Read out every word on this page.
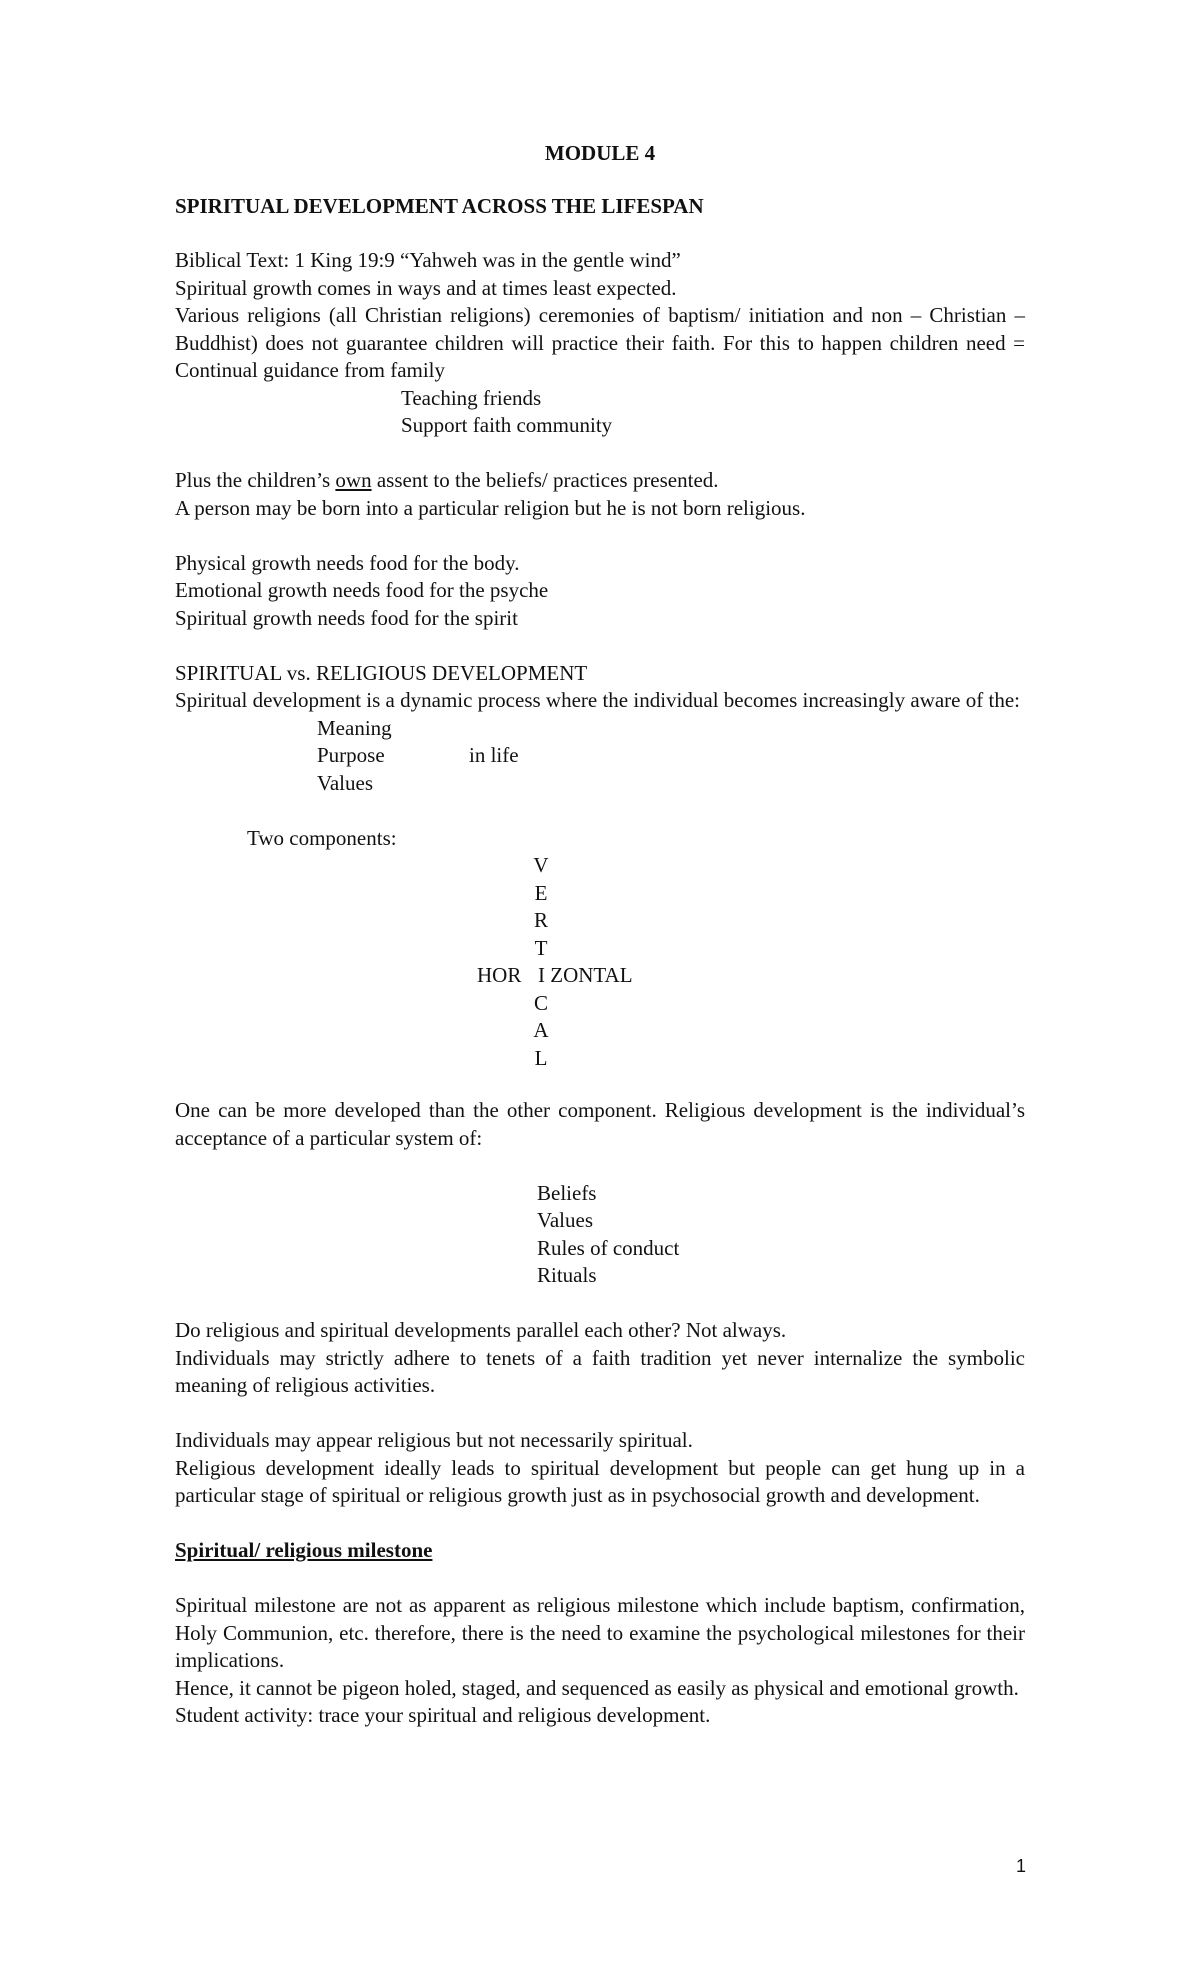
MODULE 4
SPIRITUAL DEVELOPMENT ACROSS THE LIFESPAN

Biblical Text: 1 King 19:9 “Yahweh was in the gentle wind”

Spiritual growth comes in ways and at times least expected.

Various religions (all Christian religions) ceremonies of baptism/ initiation and non – Christian – Buddhist) does not guarantee children will practice their faith. For this to happen children need = Continual guidance from family

Teaching friends

Support faith community

Plus the children’s own assent to the beliefs/ practices presented.

A person may be born into a particular religion but he is not born religious.

Physical growth needs food for the body.

Emotional growth needs food for the psyche

Spiritual growth needs food for the spirit

SPIRITUAL vs. RELIGIOUS DEVELOPMENT

Spiritual development is a dynamic process where the individual becomes increasingly aware of the:

Meaning

Purpose	in life

Values

Two components:

V
E
R
T
HOR I ZONTAL
C
A
L

One can be more developed than the other component. Religious development is the individual’s acceptance of a particular system of:

Beliefs

Values

Rules of conduct

Rituals

Do religious and spiritual developments parallel each other? Not always.

Individuals may strictly adhere to tenets of a faith tradition yet never internalize the symbolic meaning of religious activities.

Individuals may appear religious but not necessarily spiritual.

Religious development ideally leads to spiritual development but people can get hung up in a particular stage of spiritual or religious growth just as in psychosocial growth and development.

Spiritual/ religious milestone

Spiritual milestone are not as apparent as religious milestone which include baptism, confirmation, Holy Communion, etc. therefore, there is the need to examine the psychological milestones for their implications.

Hence, it cannot be pigeon holed, staged, and sequenced as easily as physical and emotional growth.

Student activity: trace your spiritual and religious development.

1
